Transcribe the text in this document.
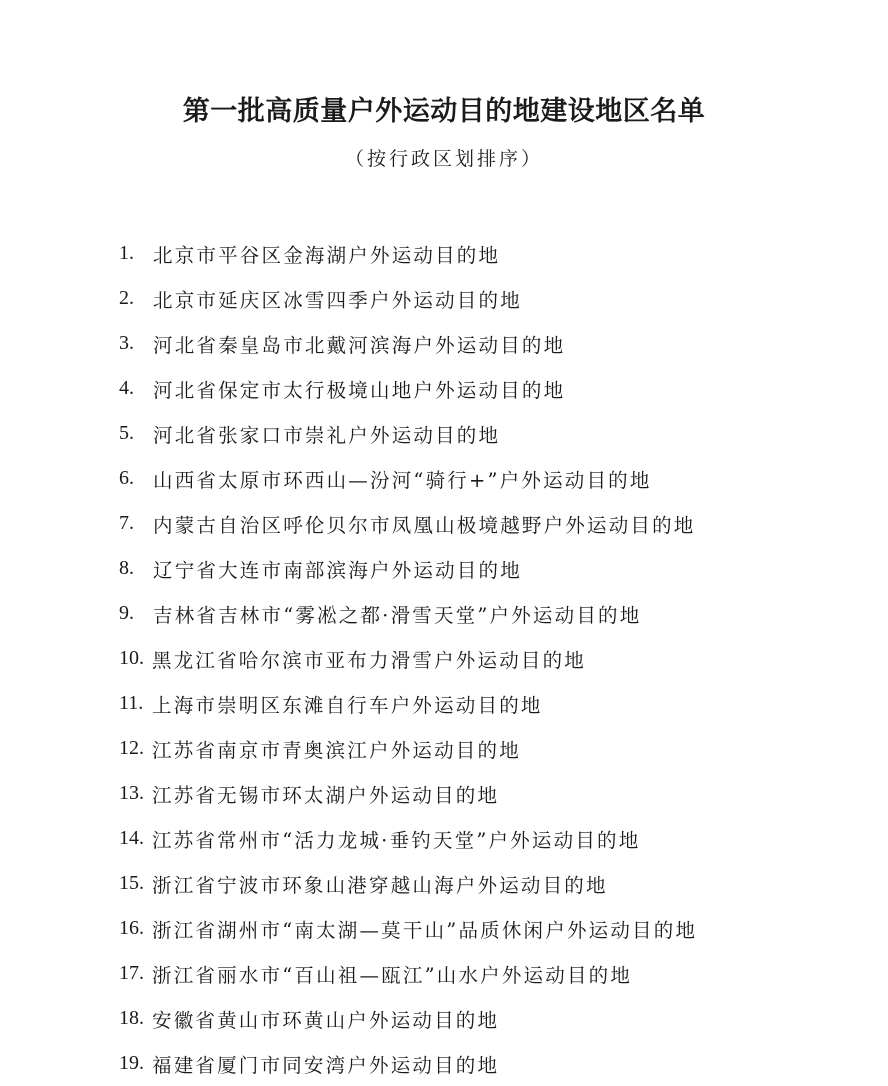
第一批高质量户外运动目的地建设地区名单

（按行政区划排序）

1. 北京市平谷区金海湖户外运动目的地
2. 北京市延庆区冰雪四季户外运动目的地
3. 河北省秦皇岛市北戴河滨海户外运动目的地
4. 河北省保定市太行极境山地户外运动目的地
5. 河北省张家口市崇礼户外运动目的地
6. 山西省太原市环西山—汾河“骑行+”户外运动目的地
7. 内蒙古自治区呼伦贝尔市凤凰山极境越野户外运动目的地
8. 辽宁省大连市南部滨海户外运动目的地
9. 吉林省吉林市“雾凇之都·滑雪天堂”户外运动目的地
10. 黑龙江省哈尔滨市亚布力滑雪户外运动目的地
11. 上海市崇明区东滩自行车户外运动目的地
12. 江苏省南京市青奥滨江户外运动目的地
13. 江苏省无锡市环太湖户外运动目的地
14. 江苏省常州市“活力龙城·垂钓天堂”户外运动目的地
15. 浙江省宁波市环象山港穿越山海户外运动目的地
16. 浙江省湖州市“南太湖—莫干山”品质休闲户外运动目的地
17. 浙江省丽水市“百山祖—瓯江”山水户外运动目的地
18. 安徽省黄山市环黄山户外运动目的地
19. 福建省厦门市同安湾户外运动目的地
